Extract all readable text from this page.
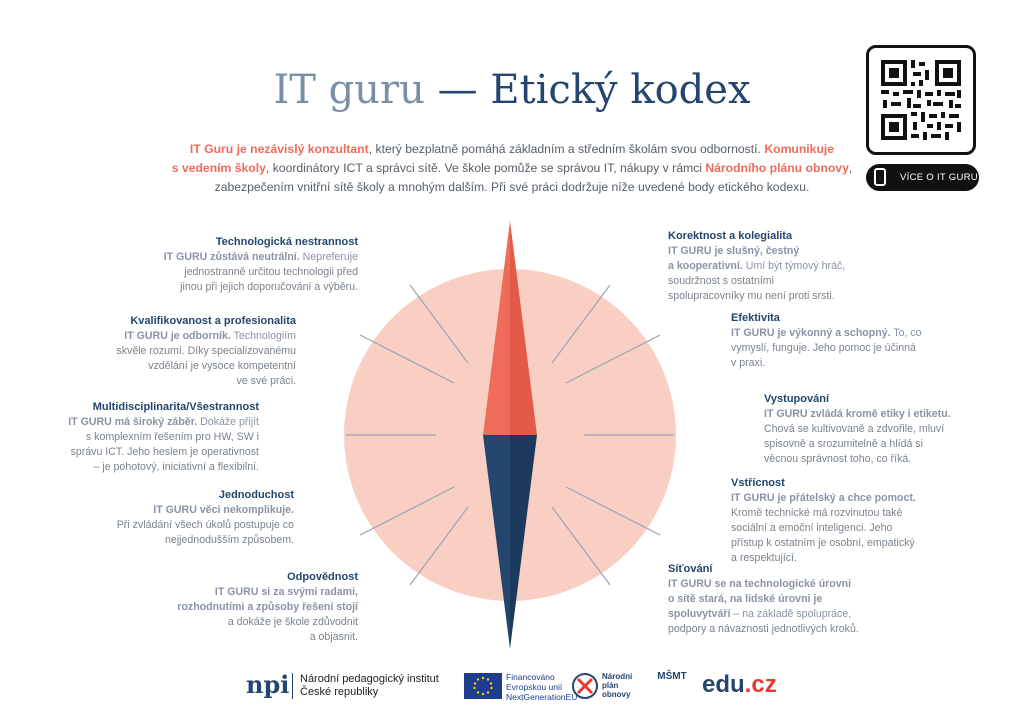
IT guru — Etický kodex
IT Guru je nezávislý konzultant, který bezplatně pomáhá základním a středním školám svou odborností. Komunikuje
s vedením školy, koordinátory ICT a správci sítě. Ve škole pomůže se správou IT, nákupy v rámci Národního plánu obnovy,
zabezpečením vnitřní sítě školy a mnohým dalším. Při své práci dodržuje níže uvedené body etického kodexu.
VÍCE O IT GURU
Technologická nestrannost
IT GURU zůstává neutrální. Nepreferuje
jednostranně určitou technologii před
jinou při jejich doporučování a výběru.
Kvalifikovanost a profesionalita
IT GURU je odborník. Technologiím
skvěle rozumí. Díky specializovanému
vzdělání je vysoce kompetentní
ve své práci.
Multidisciplinarita/Všestrannost
IT GURU má široký záběr. Dokáže přijít
s komplexním řešením pro HW, SW i
správu ICT. Jeho heslem je operativnost
– je pohotový, iniciativní a flexibilní.
Jednoduchost
IT GURU věci nekomplikuje.
Při zvládání všech úkolů postupuje co
nejjednodušším způsobem.
Odpovědnost
IT GURU si za svými radami,
rozhodnutími a způsoby řešení stojí
a dokáže je škole zdůvodnit
a objasnit.
Korektnost a kolegialita
IT GURU je slušný, čestný
a kooperativní. Umí být týmový hráč,
soudržnost s ostatními
spolupracovníky mu není proti srsti.
Efektivita
IT GURU je výkonný a schopný. To, co
vymyslí, funguje. Jeho pomoc je účinná
v praxi.
Vystupování
IT GURU zvládá kromě etiky i etiketu.
Chová se kultivovaně a zdvořile, mluví
spisovně a srozumitelně a hlídá si
věcnou správnost toho, co říká.
Vstřícnost
IT GURU je přátelský a chce pomoct.
Kromě technické má rozvinutou také
sociální a emoční inteligenci. Jeho
přístup k ostatním je osobní, empatický
a respektující.
Síťování
IT GURU se na technologické úrovni
o sítě stará, na lidské úrovni je
spoluvytváří – na základě spolupráce,
podpory a návaznosti jednotlivých kroků.
npi Národní pedagogický institut
České republiky
Financováno
Evropskou unií
NextGenerationEU
Národní
plán
obnovy
MŠMT edu.cz
